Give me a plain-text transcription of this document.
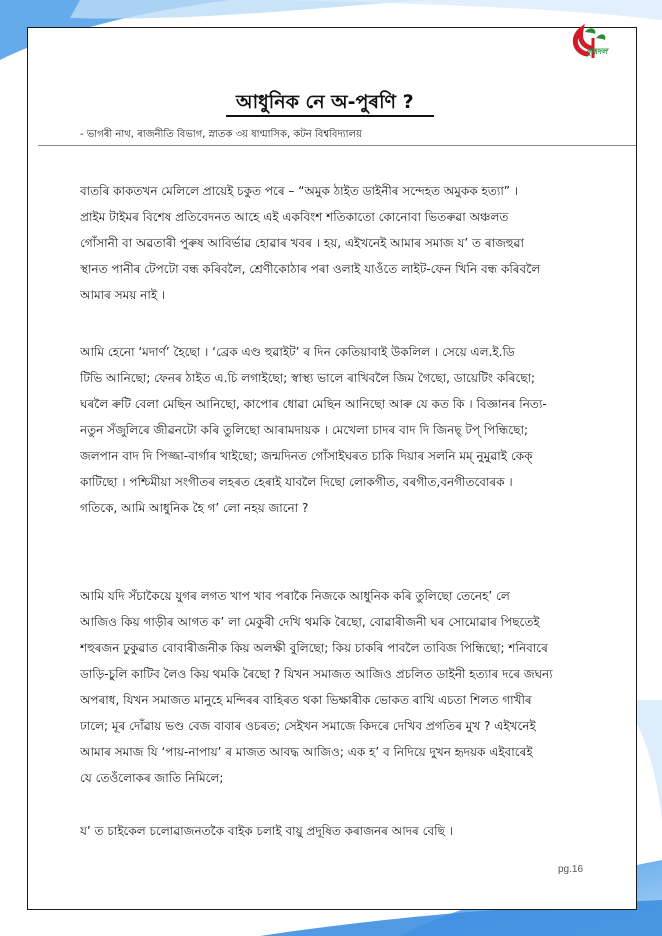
নুহ্মদল
আধুনিক নে অ-পুৰণি ?
- ভাগৰী নাথ, ৰাজনীতি বিভাগ, স্নাতক ৩য় ষাণ্মাসিক, কটন বিশ্ববিদ্যালয়
বাতৰি কাকতখন মেলিলে প্ৰায়েই চকুত পৰে – “অমুক ঠাইত ডাইনীৰ সন্দেহত অমুকক হত্যা” ।
প্ৰাইম টাইমৰ বিশেষ প্ৰতিবেদনত আহে এই একবিংশ শতিকাতো কোনোবা ভিতৰুৱা অঞ্চলত
গোঁসানী বা অৱতাৰী পুৰুষ আবিৰ্ভাৱ হোৱাৰ খবৰ । হয়, এইখনেই আমাৰ সমাজ য’ ত ৰাজহুৱা
স্থানত পানীৰ টেপটো বন্ধ কৰিবলৈ, শ্ৰেণীকোঠাৰ পৰা ওলাই যাওঁতে লাইট-ফেন খিনি বন্ধ কৰিবলৈ
আমাৰ সময় নাই ।
আমি হেনো ‘মদাৰ্ণ’ হৈছো । ‘ব্ৰেক এণ্ড হুৱাইট’ ৰ দিন কেতিয়াবাই উকলিল । সেয়ে এল.ই.ডি
টিভি আনিছো; ফেনৰ ঠাইত এ.চি লগাইছো; স্বাস্থ্য ভালে ৰাখিবলৈ জিম গৈছো, ডায়েটিং কৰিছো;
ঘৰলৈ ৰুটি বেলা মেছিন আনিছো, কাপোৰ ধোৱা মেছিন আনিছো আৰু যে কত কি । বিজ্ঞানৰ নিত্য-
নতুন সঁজুলিৰে জীৱনটো কৰি তুলিছো আৰামদায়ক । মেখেলা চাদৰ বাদ দি জিনছ্ টপ্ পিন্ধিছো;
জলপান বাদ দি পিজ্জা-বাৰ্গাৰ খাইছো; জন্মদিনত গোঁসাইঘৰত চাকি দিয়াৰ সলনি মম্ নুমুৱাই কেক্
কাটিছো । পশ্চিমীয়া সংগীতৰ লহৰত হেৰাই যাবলৈ দিছো লোকগীত, বৰগীত,বনগীতবোৰক ।
গতিকে, আমি আধুনিক হৈ গ’ লো নহয় জানো ?
আমি যদি সঁচাকৈয়ে যুগৰ লগত খাপ খাব পৰাকৈ নিজকে আধুনিক কৰি তুলিছো তেনেহ’ লে
আজিও কিয় গাড়ীৰ আগত ক’ লা মেকুৰী দেখি থমকি ৰৈছো, বোৱাৰীজনী ঘৰ সোমোৱাৰ পিছতেই
শহুৰজন ঢুকুৱাত বোবাৰীজনীক কিয় অলক্ষী বুলিছো; কিয় চাকৰি পাবলৈ তাবিজ পিন্ধিছো; শনিবাৰে
ডাড়ি-চুলি কাটিব লৈও কিয় থমকি ৰৈছো ? যিখন সমাজত আজিও প্ৰচলিত ডাইনী হত্যাৰ দৰে জঘন্য
অপৰাধ, যিখন সমাজত মানুহে মন্দিৰৰ বাহিৰত থকা ভিক্ষাৰীক ভোকত ৰাখি এচতা শিলত গাখীৰ
ঢালে; মূৰ দোঁৱায় ভণ্ড বেজ বাবাৰ ওচৰত; সেইখন সমাজে কিদৰে দেখিব প্ৰগতিৰ মুখ ? এইখনেই
আমাৰ সমাজ যি ‘পায়-নাপায়’ ৰ মাজত আবদ্ধ আজিও; এক হ’ ব নিদিয়ে দুখন হৃদয়ক এইবাৰেই
যে তেওঁলোকৰ জাতি নিমিলে;
য’ ত চাইকেল চলোৱাজনতকৈ বাইক চলাই বায়ু প্ৰদূষিত কৰাজনৰ আদৰ বেছি ।
pg.16
